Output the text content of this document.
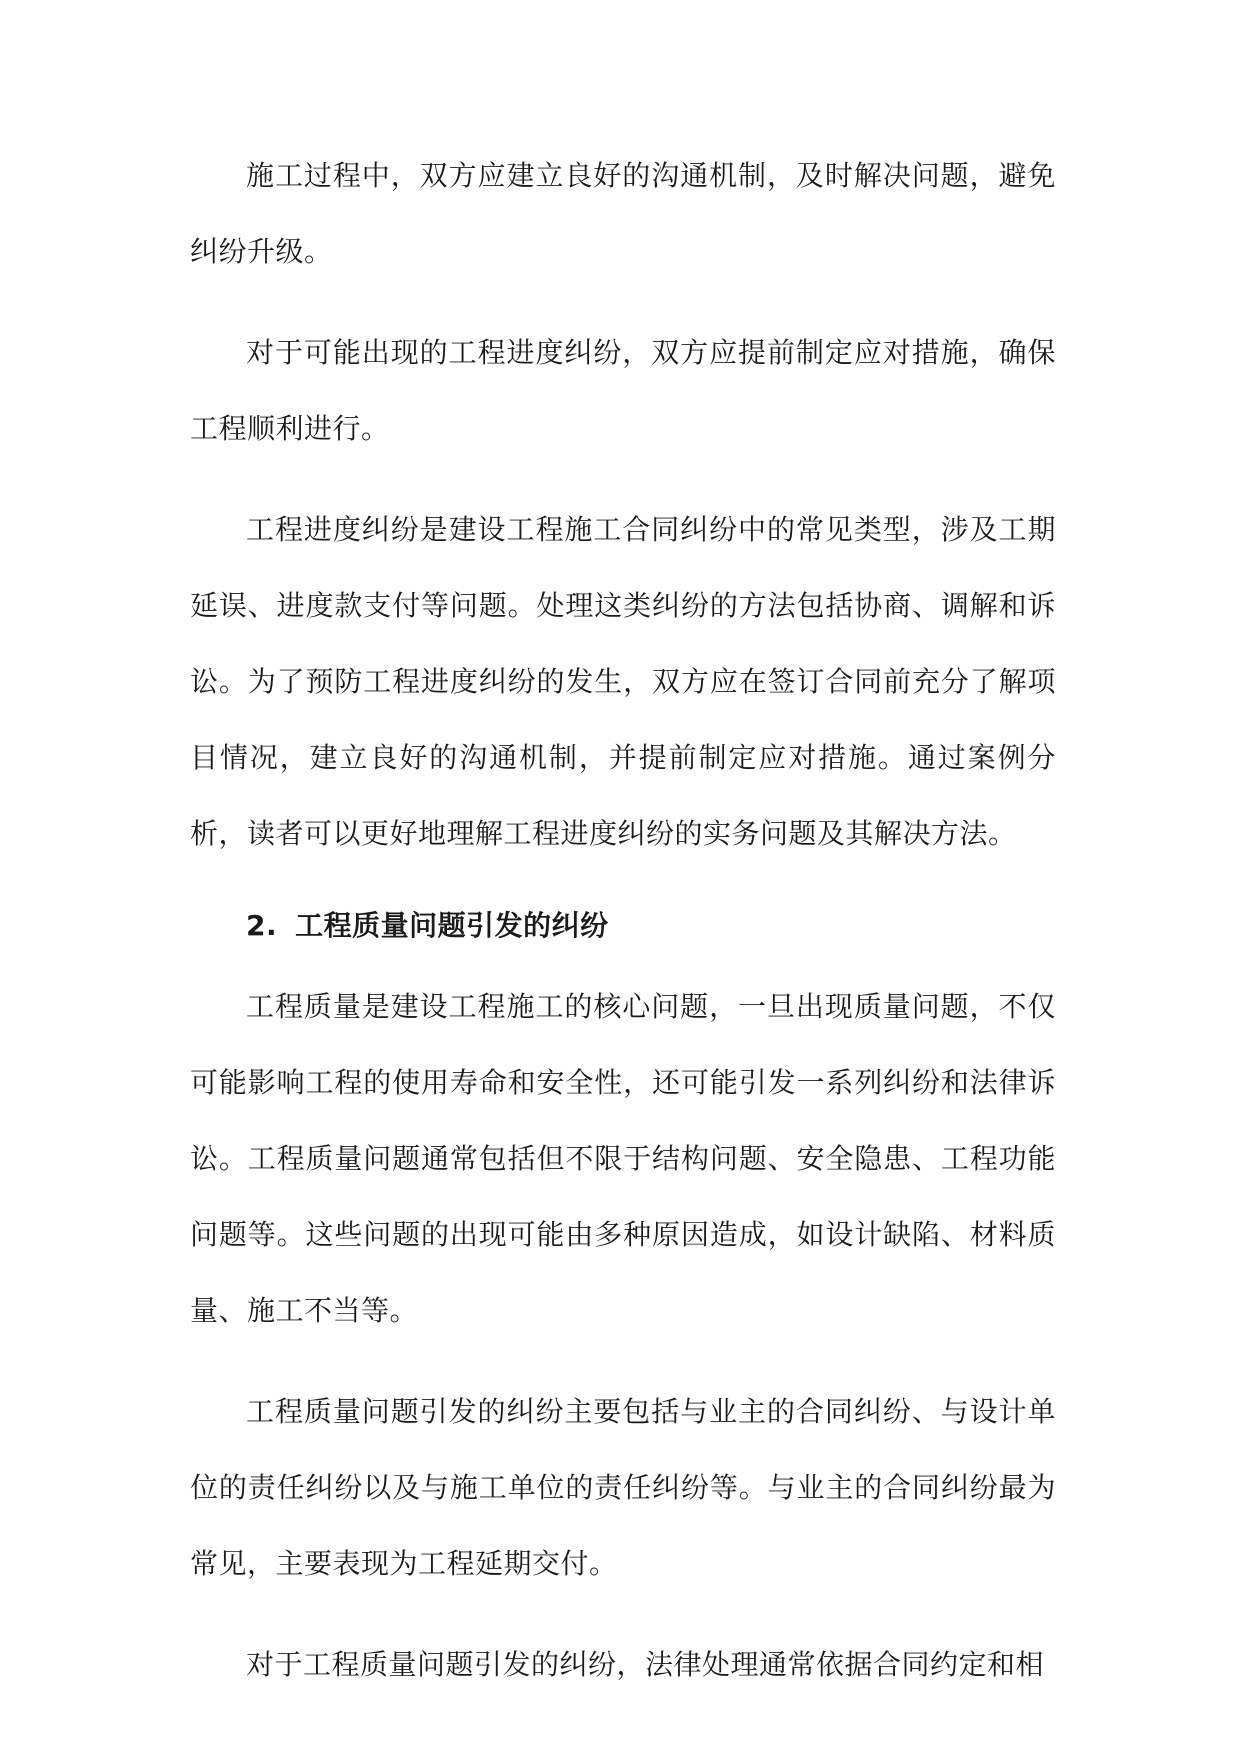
施工过程中，双方应建立良好的沟通机制，及时解决问题，避免纠纷升级。

对于可能出现的工程进度纠纷，双方应提前制定应对措施，确保工程顺利进行。

工程进度纠纷是建设工程施工合同纠纷中的常见类型，涉及工期延误、进度款支付等问题。处理这类纠纷的方法包括协商、调解和诉讼。为了预防工程进度纠纷的发生，双方应在签订合同前充分了解项目情况，建立良好的沟通机制，并提前制定应对措施。通过案例分析，读者可以更好地理解工程进度纠纷的实务问题及其解决方法。

2. 工程质量问题引发的纠纷

工程质量是建设工程施工的核心问题，一旦出现质量问题，不仅可能影响工程的使用寿命和安全性，还可能引发一系列纠纷和法律诉讼。工程质量问题通常包括但不限于结构问题、安全隐患、工程功能问题等。这些问题的出现可能由多种原因造成，如设计缺陷、材料质量、施工不当等。

工程质量问题引发的纠纷主要包括与业主的合同纠纷、与设计单位的责任纠纷以及与施工单位的责任纠纷等。与业主的合同纠纷最为常见，主要表现为工程延期交付。

对于工程质量问题引发的纠纷，法律处理通常依据合同约定和相
